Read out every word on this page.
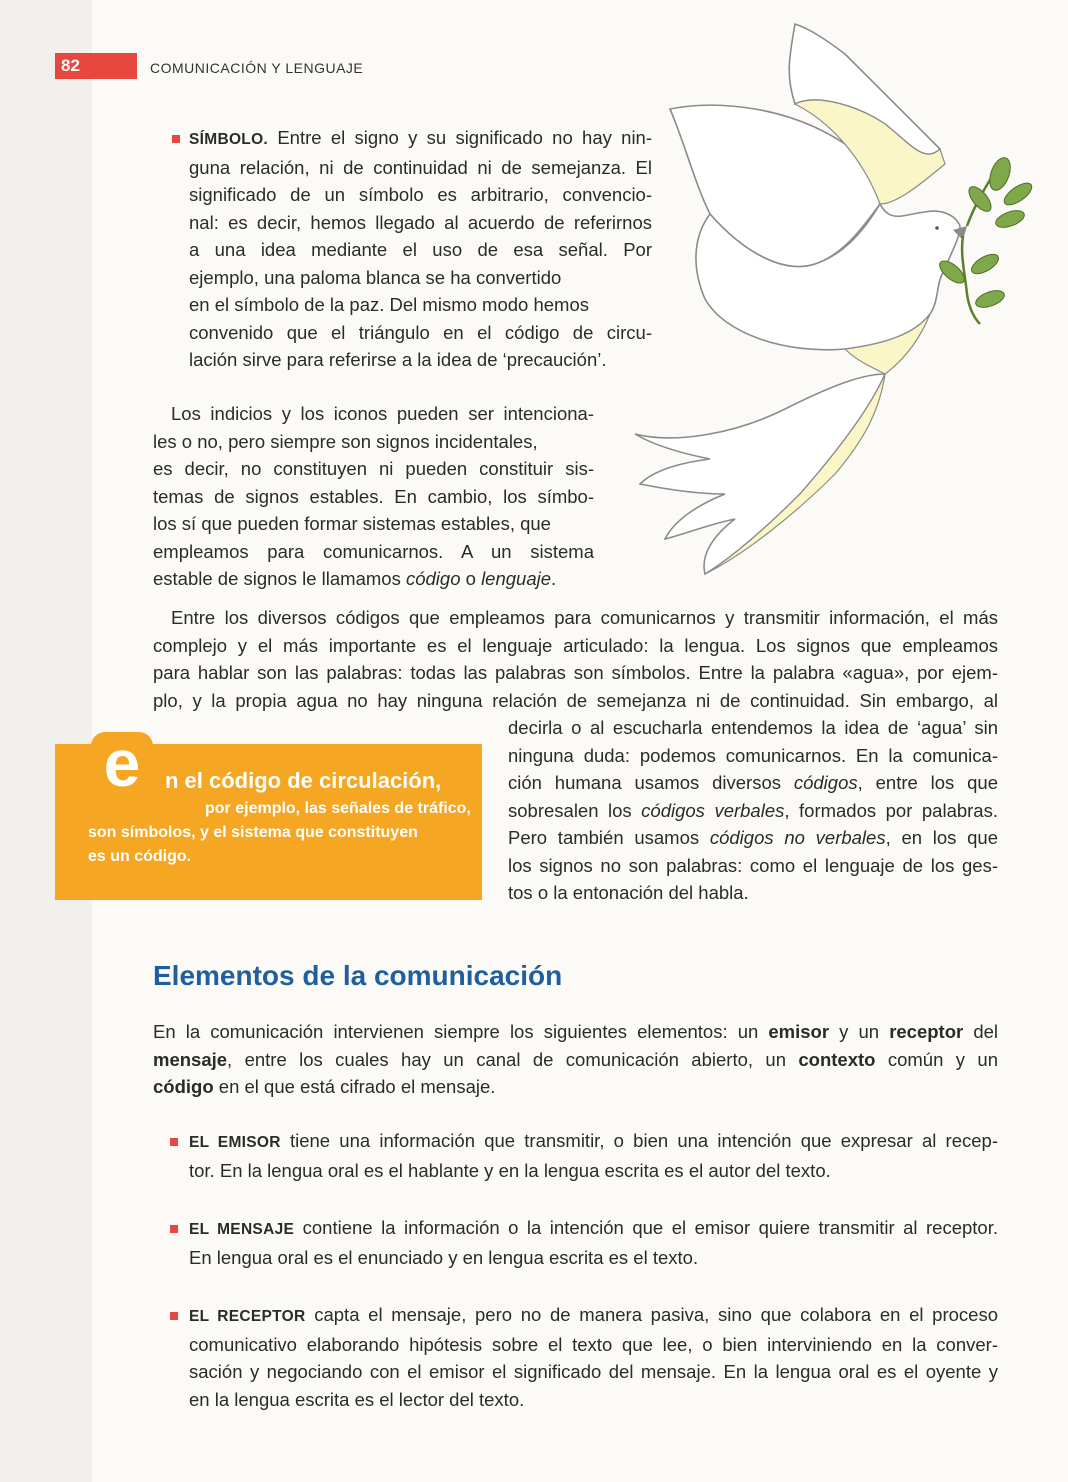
82	COMUNICACIÓN Y LENGUAJE
SÍMBOLO. Entre el signo y su significado no hay nin-
guna relación, ni de continuidad ni de semejanza. El
significado de un símbolo es arbitrario, convencio-
nal: es decir, hemos llegado al acuerdo de referirnos
a una idea mediante el uso de esa señal. Por
ejemplo, una paloma blanca se ha convertido
en el símbolo de la paz. Del mismo modo hemos
convenido que el triángulo en el código de circu-
lación sirve para referirse a la idea de ‘precaución’.
Los indicios y los iconos pueden ser intenciona-
les o no, pero siempre son signos incidentales,
es decir, no constituyen ni pueden constituir sis-
temas de signos estables. En cambio, los símbo-
los sí que pueden formar sistemas estables, que
empleamos para comunicarnos. A un sistema
estable de signos le llamamos código o lenguaje.
Entre los diversos códigos que empleamos para comunicarnos y transmitir información, el más
complejo y el más importante es el lenguaje articulado: la lengua. Los signos que empleamos
para hablar son las palabras: todas las palabras son símbolos. Entre la palabra «agua», por ejem-
plo, y la propia agua no hay ninguna relación de semejanza ni de continuidad. Sin embargo, al
decirla o al escucharla entendemos la idea de ‘agua’ sin
ninguna duda: podemos comunicarnos. En la comunica-
ción humana usamos diversos códigos, entre los que
sobresalen los códigos verbales, formados por palabras.
Pero también usamos códigos no verbales, en los que
los signos no son palabras: como el lenguaje de los ges-
tos o la entonación del habla.
e	n el código de circulación,
por ejemplo, las señales de tráfico,
son símbolos, y el sistema que constituyen
es un código.
Elementos de la comunicación
En la comunicación intervienen siempre los siguientes elementos: un emisor y un receptor del
mensaje, entre los cuales hay un canal de comunicación abierto, un contexto común y un
código en el que está cifrado el mensaje.
EL EMISOR tiene una información que transmitir, o bien una intención que expresar al recep-
tor. En la lengua oral es el hablante y en la lengua escrita es el autor del texto.
EL MENSAJE contiene la información o la intención que el emisor quiere transmitir al receptor.
En lengua oral es el enunciado y en lengua escrita es el texto.
EL RECEPTOR capta el mensaje, pero no de manera pasiva, sino que colabora en el proceso
comunicativo elaborando hipótesis sobre el texto que lee, o bien interviniendo en la conver-
sación y negociando con el emisor el significado del mensaje. En la lengua oral es el oyente y
en la lengua escrita es el lector del texto.
